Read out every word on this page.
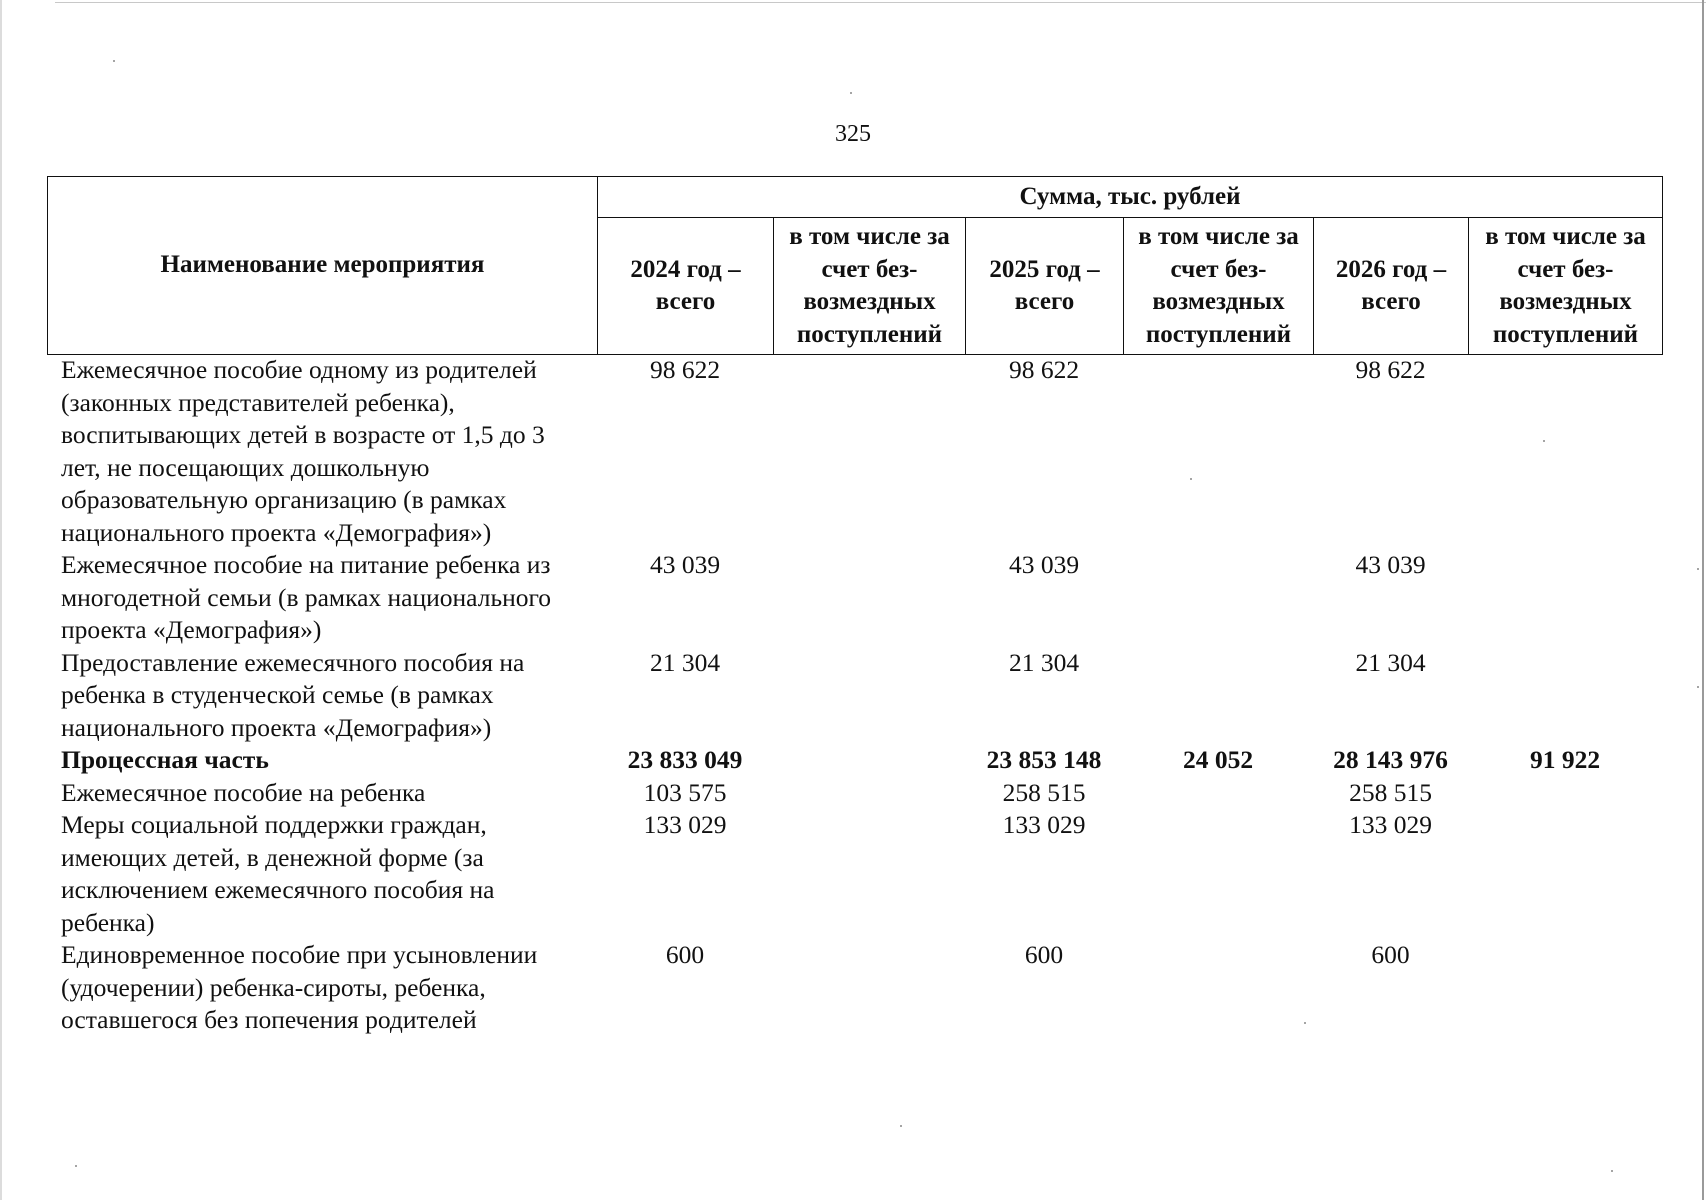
325
Наименование мероприятия	Сумма, тыс. рублей					
	2024 год – всего	в том числе за счет без-возмездных поступлений	2025 год – всего	в том числе за счет без-возмездных поступлений	2026 год – всего	в том числе за счет без-возмездных поступлений
Ежемесячное пособие одному из родителей (законных представителей ребенка), воспитывающих детей в возрасте от 1,5 до 3 лет, не посещающих дошкольную образовательную организацию (в рамках национального проекта «Демография»)	98 622		98 622		98 622	
Ежемесячное пособие на питание ребенка из многодетной семьи (в рамках национального проекта «Демография»)	43 039		43 039		43 039	
Предоставление ежемесячного пособия на ребенка в студенческой семье (в рамках национального проекта «Демография»)	21 304		21 304		21 304	
Процессная часть	23 833 049		23 853 148	24 052	28 143 976	91 922
Ежемесячное пособие на ребенка	103 575		258 515		258 515	
Меры социальной поддержки граждан, имеющих детей, в денежной форме (за исключением ежемесячного пособия на ребенка)	133 029		133 029		133 029	
Единовременное пособие при усыновлении (удочерении) ребенка-сироты, ребенка, оставшегося без попечения родителей	600		600		600	
